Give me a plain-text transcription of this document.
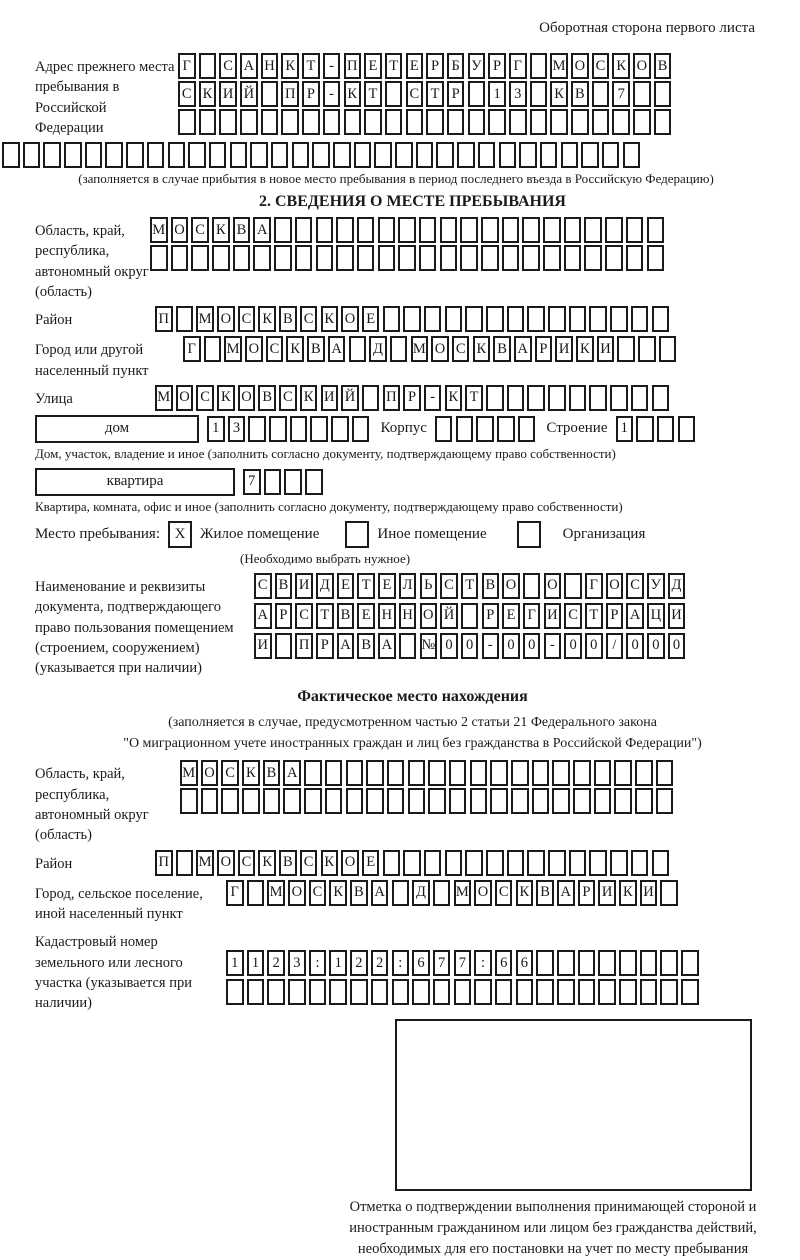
Оборотная сторона первого листа
Адрес прежнего места пребывания в Российской Федерации
Г	С А Н К Т - П Е Т Е Р Б У Р Г	М О С К О В
С К И Й П Р - К Т С Т Р	1 3	К В	7
(заполняется в случае прибытия в новое место пребывания в период последнего въезда в Российскую Федерацию)
2. СВЕДЕНИЯ О МЕСТЕ ПРЕБЫВАНИЯ
Область, край, республика, автономный округ (область)
М О С К В А
Район	П М О С К В С К О Е
Город или другой населенный пункт
Г	М О С К В А Д М О С К В А Р И К И
Улица	М О С К О В С К И Й П Р - К Т
дом	1 3	Корпус	Строение 1
Дом, участок, владение и иное (заполнить согласно документу, подтверждающему право собственности)
квартира	7
Квартира, комната, офис и иное (заполнить согласно документу, подтверждающему право собственности)
Место пребывания: X Жилое помещение	Иное помещение	Организация
(Необходимо выбрать нужное)
Наименование и реквизиты документа, подтверждающего право пользования помещением (строением, сооружением) (указывается при наличии)
С В И Д Е Т Е Л Ь С Т В О О	Г О С У Д
А Р С Т В Е Н Н О Й	Р Е Г И С Т Р А Ц И
И П Р А В А № 0 0	-	0 0	-	0 0	/	0 0 0
Фактическое место нахождения
(заполняется в случае, предусмотренном частью 2 статьи 21 Федерального закона
"О миграционном учете иностранных граждан и лиц без гражданства в Российской Федерации")
Область, край, республика, автономный округ (область)
М О С К В А
Район	П М О С К В С К О Е
Город, сельское поселение, иной населенный пункт
Г	М О С К В А Д М О С К В А Р И К И
Кадастровый номер земельного или лесного участка (указывается при наличии)
1 1 2 3	:	1 2 2	:	6 7 7	:	6 6
Отметка о подтверждении выполнения принимающей стороной и иностранным гражданином или лицом без гражданства действий, необходимых для его постановки на учет по месту пребывания
